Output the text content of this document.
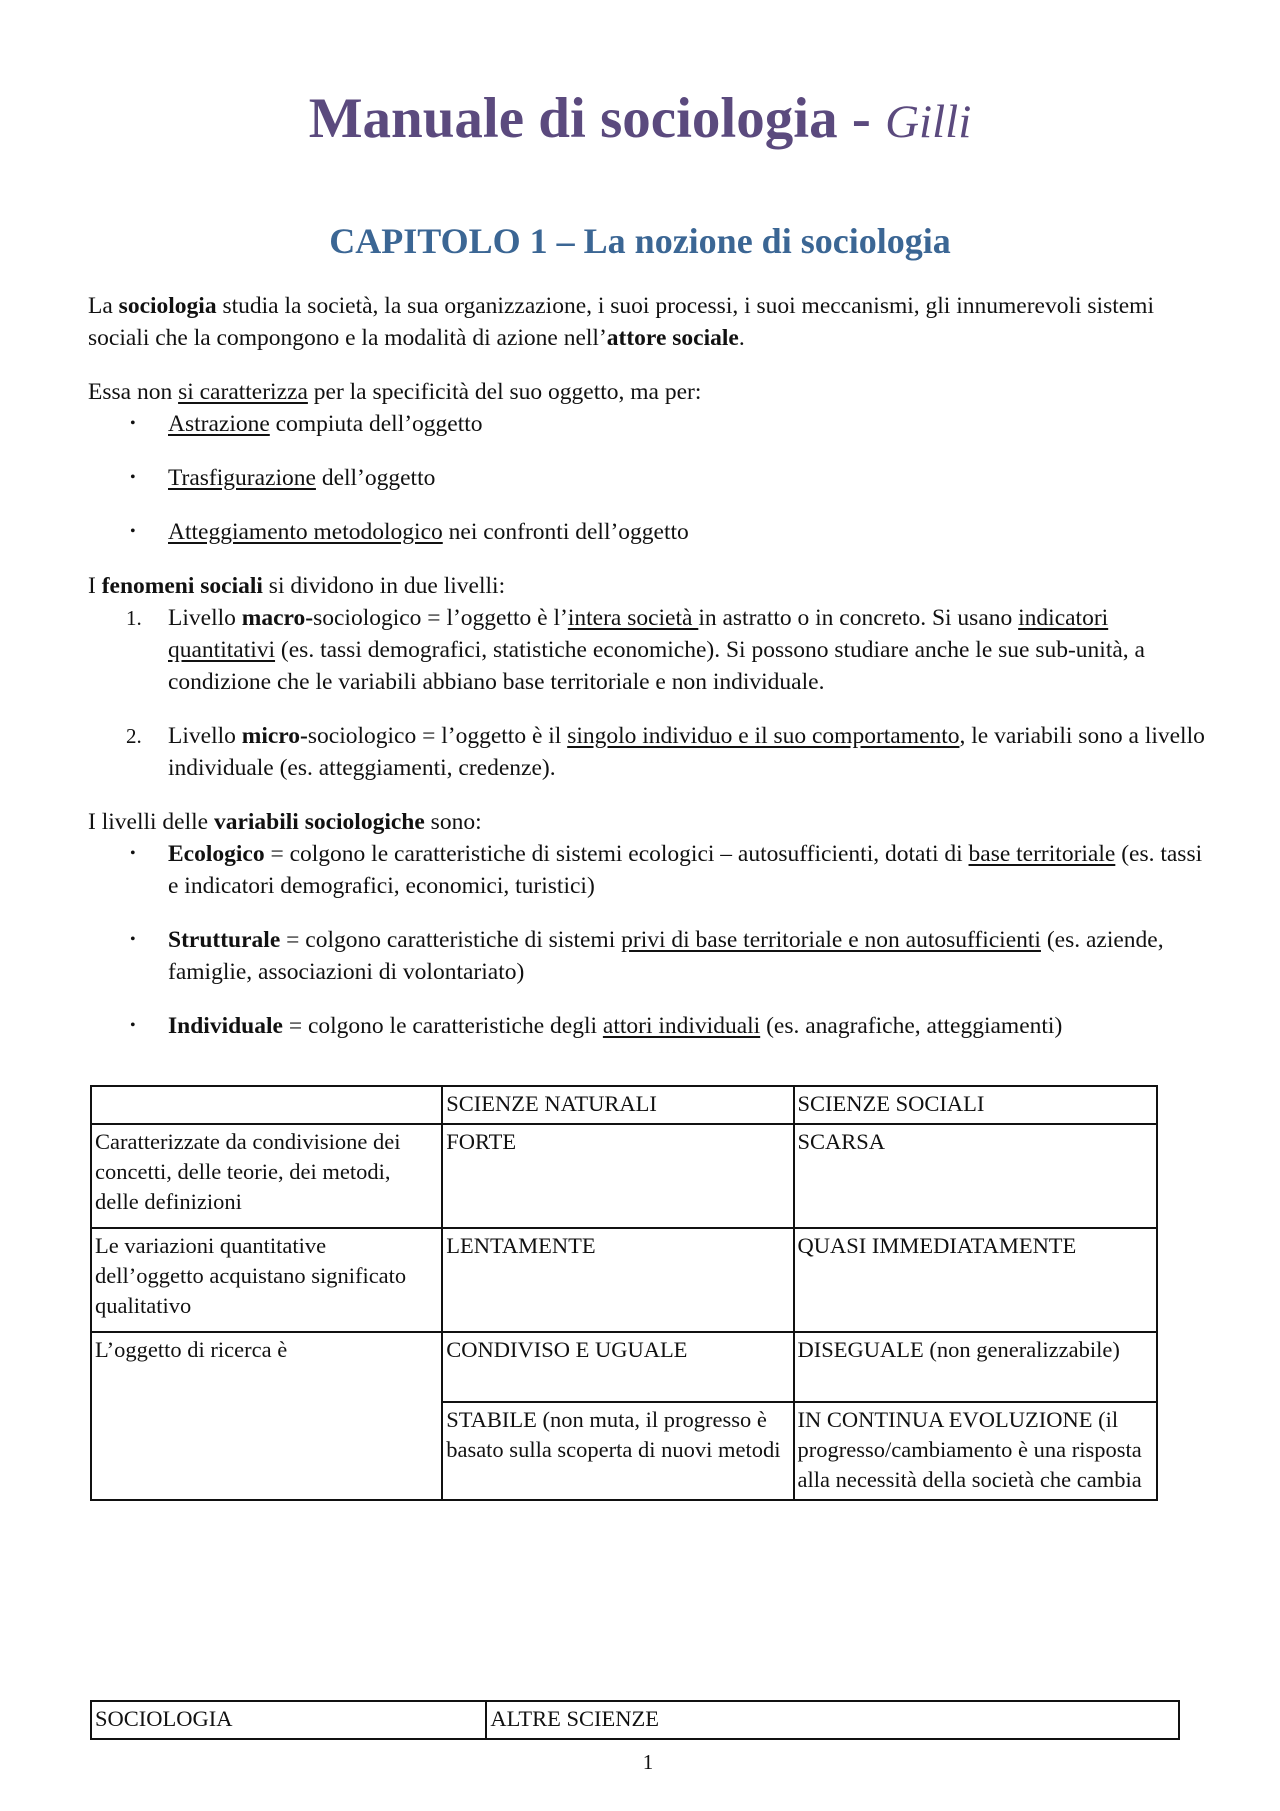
Manuale di sociologia - Gilli
CAPITOLO 1 – La nozione di sociologia

La sociologia studia la società, la sua organizzazione, i suoi processi, i suoi meccanismi, gli innumerevoli sistemi sociali che la compongono e la modalità di azione nell’attore sociale.

Essa non si caratterizza per la specificità del suo oggetto, ma per:

•	Astrazione compiuta dell’oggetto
•	Trasfigurazione dell’oggetto
•	Atteggiamento metodologico nei confronti dell’oggetto

I fenomeni sociali si dividono in due livelli:

1.	Livello macro-sociologico = l’oggetto è l’intera società in astratto o in concreto. Si usano indicatori quantitativi (es. tassi demografici, statistiche economiche). Si possono studiare anche le sue sub-unità, a condizione che le variabili abbiano base territoriale e non individuale.
2.	Livello micro-sociologico = l’oggetto è il singolo individuo e il suo comportamento, le variabili sono a livello individuale (es. atteggiamenti, credenze).

I livelli delle variabili sociologiche sono:

•	Ecologico = colgono le caratteristiche di sistemi ecologici – autosufficienti, dotati di base territoriale (es. tassi e indicatori demografici, economici, turistici)
•	Strutturale = colgono caratteristiche di sistemi privi di base territoriale e non autosufficienti (es. aziende, famiglie, associazioni di volontariato)
•	Individuale = colgono le caratteristiche degli attori individuali (es. anagrafiche, atteggiamenti)
	SCIENZE NATURALI	SCIENZE SOCIALI
Caratterizzate da condivisione dei concetti, delle teorie, dei metodi, delle definizioni	FORTE	SCARSA
Le variazioni quantitative dell’oggetto acquistano significato qualitativo	LENTAMENTE	QUASI IMMEDIATAMENTE
L’oggetto di ricerca è	CONDIVISO E UGUALE	DISEGUALE (non generalizzabile)
	STABILE (non muta, il progresso è basato sulla scoperta di nuovi metodi	IN CONTINUA EVOLUZIONE (il progresso/cambiamento è una risposta alla necessità della società che cambia
SOCIOLOGIA	ALTRE SCIENZE
1
